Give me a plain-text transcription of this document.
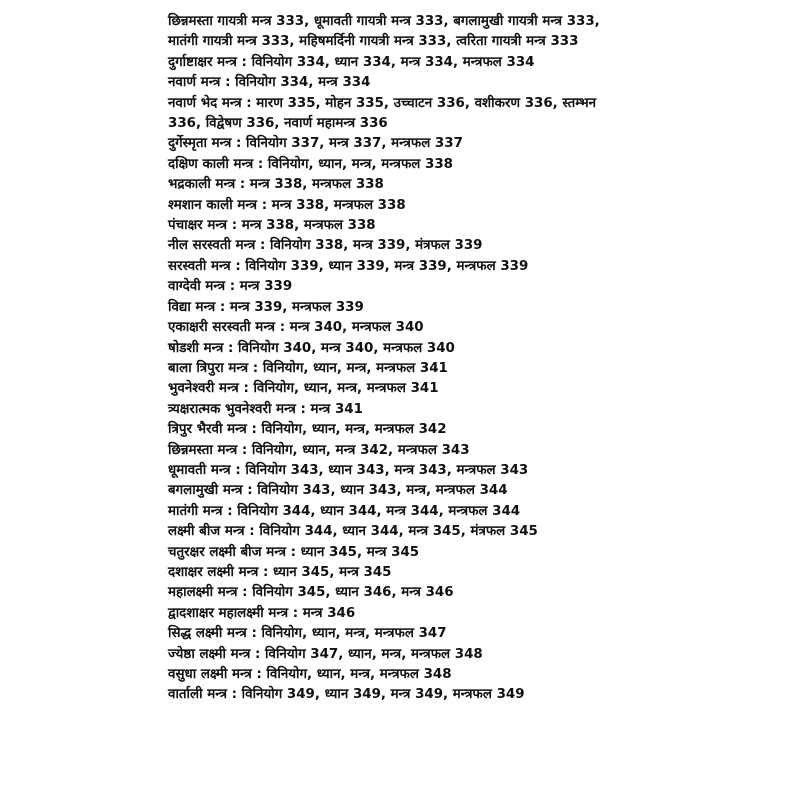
छिन्नमस्ता गायत्री मन्त्र 333, धूमावती गायत्री मन्त्र 333, बगलामुखी गायत्री मन्त्र 333, मातंगी गायत्री मन्त्र 333, महिषमर्दिनी गायत्री मन्त्र 333, त्वरिता गायत्री मन्त्र 333
दुर्गाष्टाक्षर मन्त्र : विनियोग 334, ध्यान 334, मन्त्र 334, मन्त्रफल 334
नवार्ण मन्त्र : विनियोग 334, मन्त्र 334
नवार्ण भेद मन्त्र : मारण 335, मोहन 335, उच्चाटन 336, वशीकरण 336, स्तम्भन 336, विद्वेषण 336, नवार्ण महामन्त्र 336
दुर्गेस्मृता मन्त्र : विनियोग 337, मन्त्र 337, मन्त्रफल 337
दक्षिण काली मन्त्र : विनियोग, ध्यान, मन्त्र, मन्त्रफल 338
भद्रकाली मन्त्र : मन्त्र 338, मन्त्रफल 338
श्मशान काली मन्त्र : मन्त्र 338, मन्त्रफल 338
पंचाक्षर मन्त्र : मन्त्र 338, मन्त्रफल 338
नील सरस्वती मन्त्र : विनियोग 338, मन्त्र 339, मंत्रफल 339
सरस्वती मन्त्र : विनियोग 339, ध्यान 339, मन्त्र 339, मन्त्रफल 339
वाग्देवी मन्त्र : मन्त्र 339
विद्या मन्त्र : मन्त्र 339, मन्त्रफल 339
एकाक्षरी सरस्वती मन्त्र : मन्त्र 340, मन्त्रफल 340
षोडशी मन्त्र : विनियोग 340, मन्त्र 340, मन्त्रफल 340
बाला त्रिपुरा मन्त्र : विनियोग, ध्यान, मन्त्र, मन्त्रफल 341
भुवनेश्वरी मन्त्र : विनियोग, ध्यान, मन्त्र, मन्त्रफल 341
त्र्यक्षरात्मक भुवनेश्वरी मन्त्र : मन्त्र 341
त्रिपुर भैरवी मन्त्र : विनियोग, ध्यान, मन्त्र, मन्त्रफल 342
छिन्नमस्ता मन्त्र : विनियोग, ध्यान, मन्त्र 342, मन्त्रफल 343
धूमावती मन्त्र : विनियोग 343, ध्यान 343, मन्त्र 343, मन्त्रफल 343
बगलामुखी मन्त्र : विनियोग 343, ध्यान 343, मन्त्र, मन्त्रफल 344
मातंगी मन्त्र : विनियोग 344, ध्यान 344, मन्त्र 344, मन्त्रफल 344
लक्ष्मी बीज मन्त्र : विनियोग 344, ध्यान 344, मन्त्र 345, मंत्रफल 345
चतुरक्षर लक्ष्मी बीज मन्त्र : ध्यान 345, मन्त्र 345
दशाक्षर लक्ष्मी मन्त्र : ध्यान 345, मन्त्र 345
महालक्ष्मी मन्त्र : विनियोग 345, ध्यान 346, मन्त्र 346
द्वादशाक्षर महालक्ष्मी मन्त्र : मन्त्र 346
सिद्ध लक्ष्मी मन्त्र : विनियोग, ध्यान, मन्त्र, मन्त्रफल 347
ज्येष्ठा लक्ष्मी मन्त्र : विनियोग 347, ध्यान, मन्त्र, मन्त्रफल 348
वसुधा लक्ष्मी मन्त्र : विनियोग, ध्यान, मन्त्र, मन्त्रफल 348
वार्ताली मन्त्र : विनियोग 349, ध्यान 349, मन्त्र 349, मन्त्रफल 349
